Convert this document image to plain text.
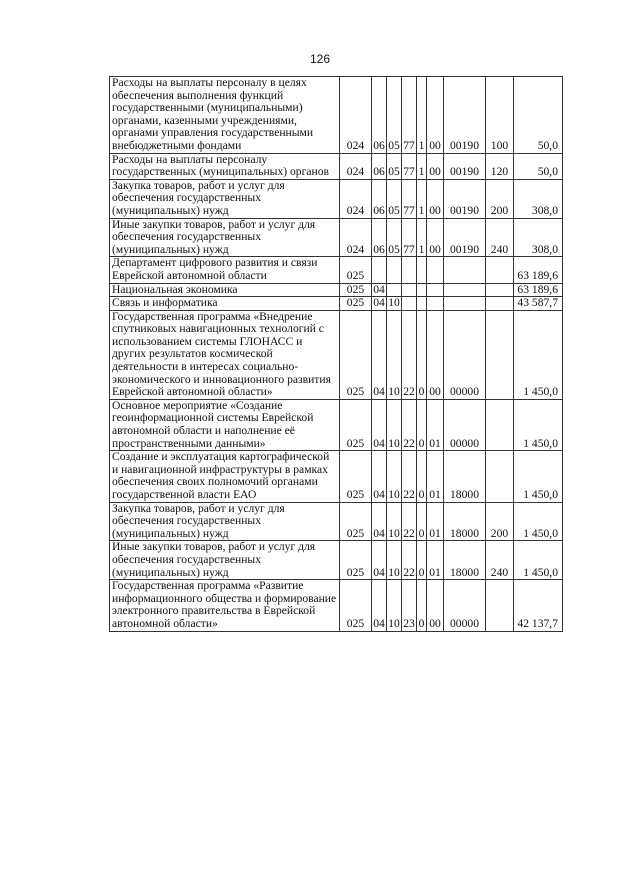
126
Расходы на выплаты персоналу в целях обеспечения выполнения функций государственными (муниципальными) органами, казенными учреждениями, органами управления государственными внебюджетными фондами	024	06	05	77	1	00	00190	100	50,0
Расходы на выплаты персоналу государственных (муниципальных) органов	024	06	05	77	1	00	00190	120	50,0
Закупка товаров, работ и услуг для обеспечения государственных (муниципальных) нужд	024	06	05	77	1	00	00190	200	308,0
Иные закупки товаров, работ и услуг для обеспечения государственных (муниципальных) нужд	024	06	05	77	1	00	00190	240	308,0
Департамент цифрового развития и связи Еврейской автономной области	025								63 189,6
Национальная экономика	025	04							63 189,6
Связь и информатика	025	04	10						43 587,7
Государственная программа «Внедрение спутниковых навигационных технологий с использованием системы ГЛОНАСС и других результатов космической деятельности в интересах социально-экономического и инновационного развития Еврейской автономной области»	025	04	10	22	0	00	00000		1 450,0
Основное мероприятие «Создание геоинформационной системы Еврейской автономной области и наполнение её пространственными данными»	025	04	10	22	0	01	00000		1 450,0
Создание и эксплуатация картографической и навигационной инфраструктуры в рамках обеспечения своих полномочий органами государственной власти ЕАО	025	04	10	22	0	01	18000		1 450,0
Закупка товаров, работ и услуг для обеспечения государственных (муниципальных) нужд	025	04	10	22	0	01	18000	200	1 450,0
Иные закупки товаров, работ и услуг для обеспечения государственных (муниципальных) нужд	025	04	10	22	0	01	18000	240	1 450,0
Государственная программа «Развитие информационного общества и формирование электронного правительства в Еврейской автономной области»	025	04	10	23	0	00	00000		42 137,7
